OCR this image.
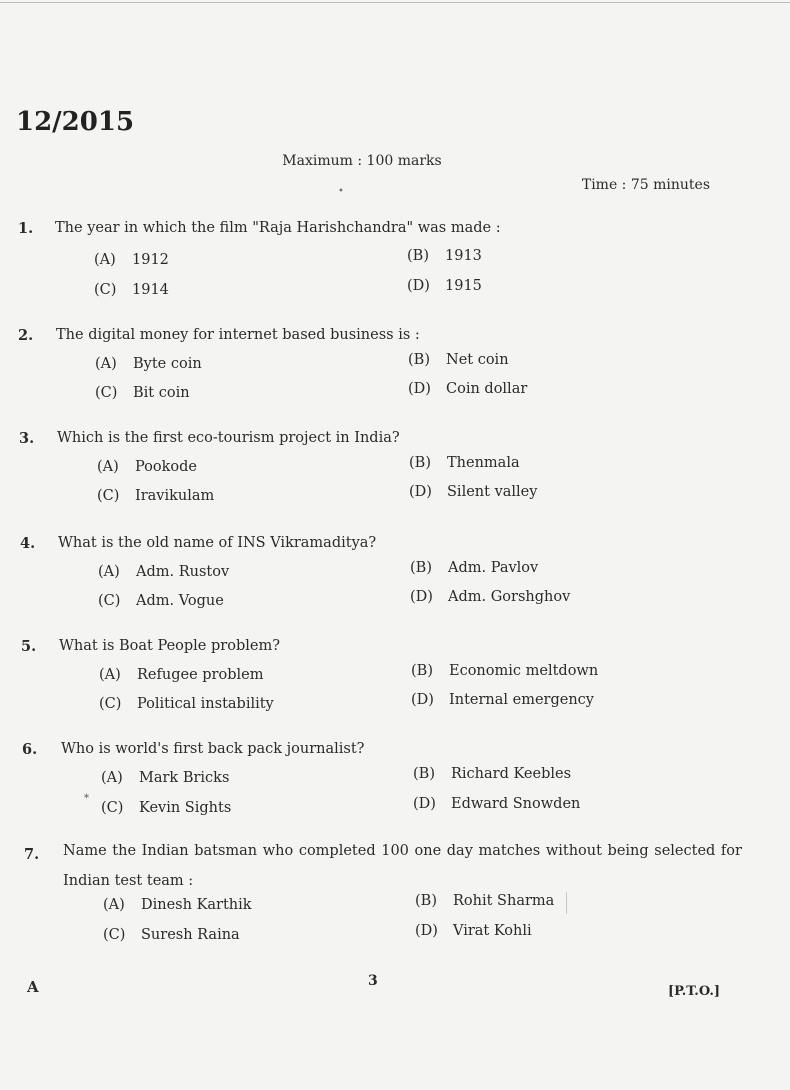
12/2015
Maximum : 100 marks
•	Time : 75 minutes
1. The year in which the film "Raja Harishchandra" was made :
(A) 1912	(B) 1913
(C) 1914	(D) 1915
2. The digital money for internet based business is :
(A) Byte coin	(B) Net coin
(C) Bit coin	(D) Coin dollar
3. Which is the first eco-tourism project in India?
(A) Pookode	(B) Thenmala
(C) Iravikulam	(D) Silent valley
4. What is the old name of INS Vikramaditya?
(A) Adm. Rustov	(B) Adm. Pavlov
(C) Adm. Vogue	(D) Adm. Gorshghov
5. What is Boat People problem?
(A) Refugee problem	(B) Economic meltdown
(C) Political instability	(D) Internal emergency
6. Who is world's first back pack journalist?
(A) Mark Bricks	(B) Richard Keebles
*
(C) Kevin Sights	(D) Edward Snowden
7. Name the Indian batsman who completed 100 one day matches without being selected for
Indian test team :
(A) Dinesh Karthik	(B) Rohit Sharma
(C) Suresh Raina	(D) Virat Kohli
A	3
[P.T.O.]
